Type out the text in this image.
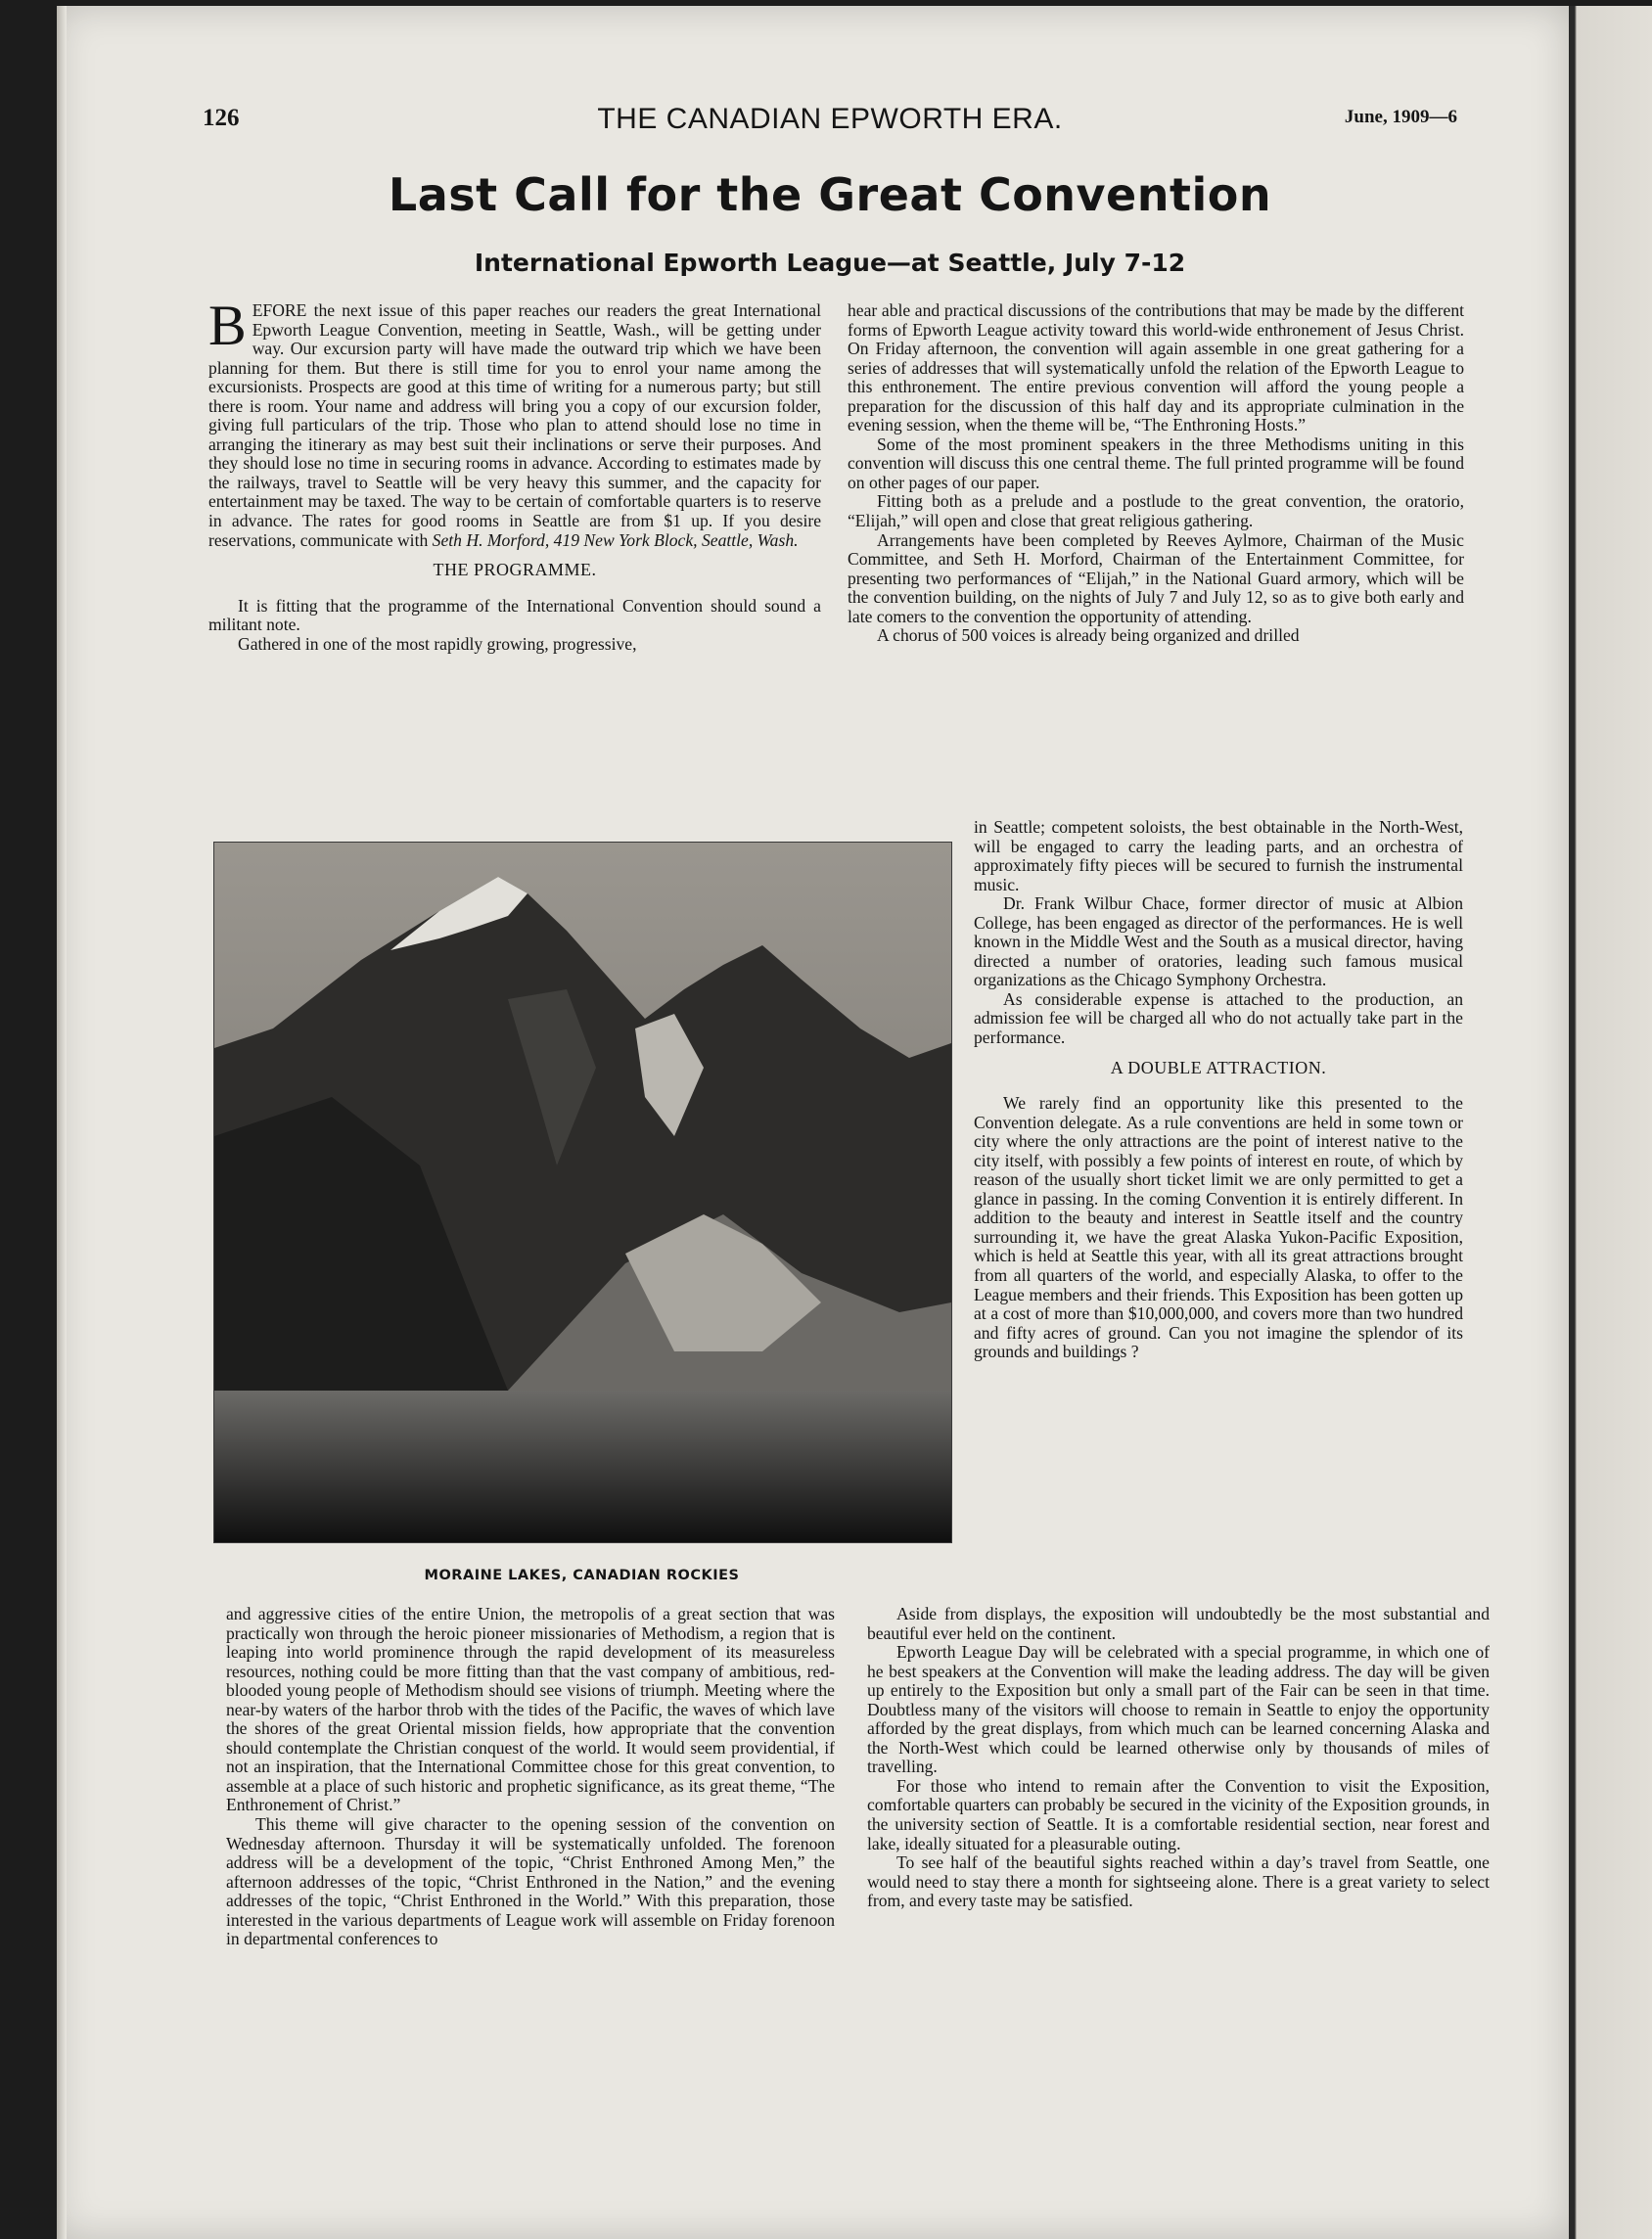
126	THE CANADIAN EPWORTH ERA.	June, 1909—6
Last Call for the Great Convention
International Epworth League—at Seattle, July 7-12

BEFORE the next issue of this paper reaches our readers the great International Epworth League Convention, meeting in Seattle, Wash., will be getting under way. Our excursion party will have made the outward trip which we have been planning for them. But there is still time for you to enrol your name among the excursionists. Prospects are good at this time of writing for a numerous party; but still there is room. Your name and address will bring you a copy of our excursion folder, giving full particulars of the trip. Those who plan to attend should lose no time in arranging the itinerary as may best suit their inclinations or serve their purposes. And they should lose no time in securing rooms in advance. According to estimates made by the railways, travel to Seattle will be very heavy this summer, and the capacity for entertainment may be taxed. The way to be certain of comfortable quarters is to reserve in advance. The rates for good rooms in Seattle are from $1 up. If you desire reservations, communicate with Seth H. Morford, 419 New York Block, Seattle, Wash.

THE PROGRAMME.

It is fitting that the programme of the International Convention should sound a militant note.

Gathered in one of the most rapidly growing, progressive,

hear able and practical discussions of the contributions that may be made by the different forms of Epworth League activity toward this world-wide enthronement of Jesus Christ. On Friday afternoon, the convention will again assemble in one great gathering for a series of addresses that will systematically unfold the relation of the Epworth League to this enthronement. The entire previous convention will afford the young people a preparation for the discussion of this half day and its appropriate culmination in the evening session, when the theme will be, “The Enthroning Hosts.”

Some of the most prominent speakers in the three Methodisms uniting in this convention will discuss this one central theme. The full printed programme will be found on other pages of our paper.

Fitting both as a prelude and a postlude to the great convention, the oratorio, “Elijah,” will open and close that great religious gathering.

Arrangements have been completed by Reeves Aylmore, Chairman of the Music Committee, and Seth H. Morford, Chairman of the Entertainment Committee, for presenting two performances of “Elijah,” in the National Guard armory, which will be the convention building, on the nights of July 7 and July 12, so as to give both early and late comers to the convention the opportunity of attending.

A chorus of 500 voices is already being organized and drilled

MORAINE LAKES, CANADIAN ROCKIES

in Seattle; competent soloists, the best obtainable in the North-West, will be engaged to carry the leading parts, and an orchestra of approximately fifty pieces will be secured to furnish the instrumental music.

Dr. Frank Wilbur Chace, former director of music at Albion College, has been engaged as director of the performances. He is well known in the Middle West and the South as a musical director, having directed a number of oratories, leading such famous musical organizations as the Chicago Symphony Orchestra.

As considerable expense is attached to the production, an admission fee will be charged all who do not actually take part in the performance.

A DOUBLE ATTRACTION.

We rarely find an opportunity like this presented to the Convention delegate. As a rule conventions are held in some town or city where the only attractions are the point of interest native to the city itself, with possibly a few points of interest en route, of which by reason of the usually short ticket limit we are only permitted to get a glance in passing. In the coming Convention it is entirely different. In addition to the beauty and interest in Seattle itself and the country surrounding it, we have the great Alaska Yukon-Pacific Exposition, which is held at Seattle this year, with all its great attractions brought from all quarters of the world, and especially Alaska, to offer to the League members and their friends. This Exposition has been gotten up at a cost of more than $10,000,000, and covers more than two hundred and fifty acres of ground. Can you not imagine the splendor of its grounds and buildings ?

and aggressive cities of the entire Union, the metropolis of a great section that was practically won through the heroic pioneer missionaries of Methodism, a region that is leaping into world prominence through the rapid development of its measureless resources, nothing could be more fitting than that the vast company of ambitious, red-blooded young people of Methodism should see visions of triumph. Meeting where the near-by waters of the harbor throb with the tides of the Pacific, the waves of which lave the shores of the great Oriental mission fields, how appropriate that the convention should contemplate the Christian conquest of the world. It would seem providential, if not an inspiration, that the International Committee chose for this great convention, to assemble at a place of such historic and prophetic significance, as its great theme, “The Enthronement of Christ.”

This theme will give character to the opening session of the convention on Wednesday afternoon. Thursday it will be systematically unfolded. The forenoon address will be a development of the topic, “Christ Enthroned Among Men,” the afternoon addresses of the topic, “Christ Enthroned in the Nation,” and the evening addresses of the topic, “Christ Enthroned in the World.” With this preparation, those interested in the various departments of League work will assemble on Friday forenoon in departmental conferences to

Aside from displays, the exposition will undoubtedly be the most substantial and beautiful ever held on the continent.

Epworth League Day will be celebrated with a special programme, in which one of he best speakers at the Convention will make the leading address. The day will be given up entirely to the Exposition but only a small part of the Fair can be seen in that time. Doubtless many of the visitors will choose to remain in Seattle to enjoy the opportunity afforded by the great displays, from which much can be learned concerning Alaska and the North-West which could be learned otherwise only by thousands of miles of travelling.

For those who intend to remain after the Convention to visit the Exposition, comfortable quarters can probably be secured in the vicinity of the Exposition grounds, in the university section of Seattle. It is a comfortable residential section, near forest and lake, ideally situated for a pleasurable outing.

To see half of the beautiful sights reached within a day’s travel from Seattle, one would need to stay there a month for sightseeing alone. There is a great variety to select from, and every taste may be satisfied.
